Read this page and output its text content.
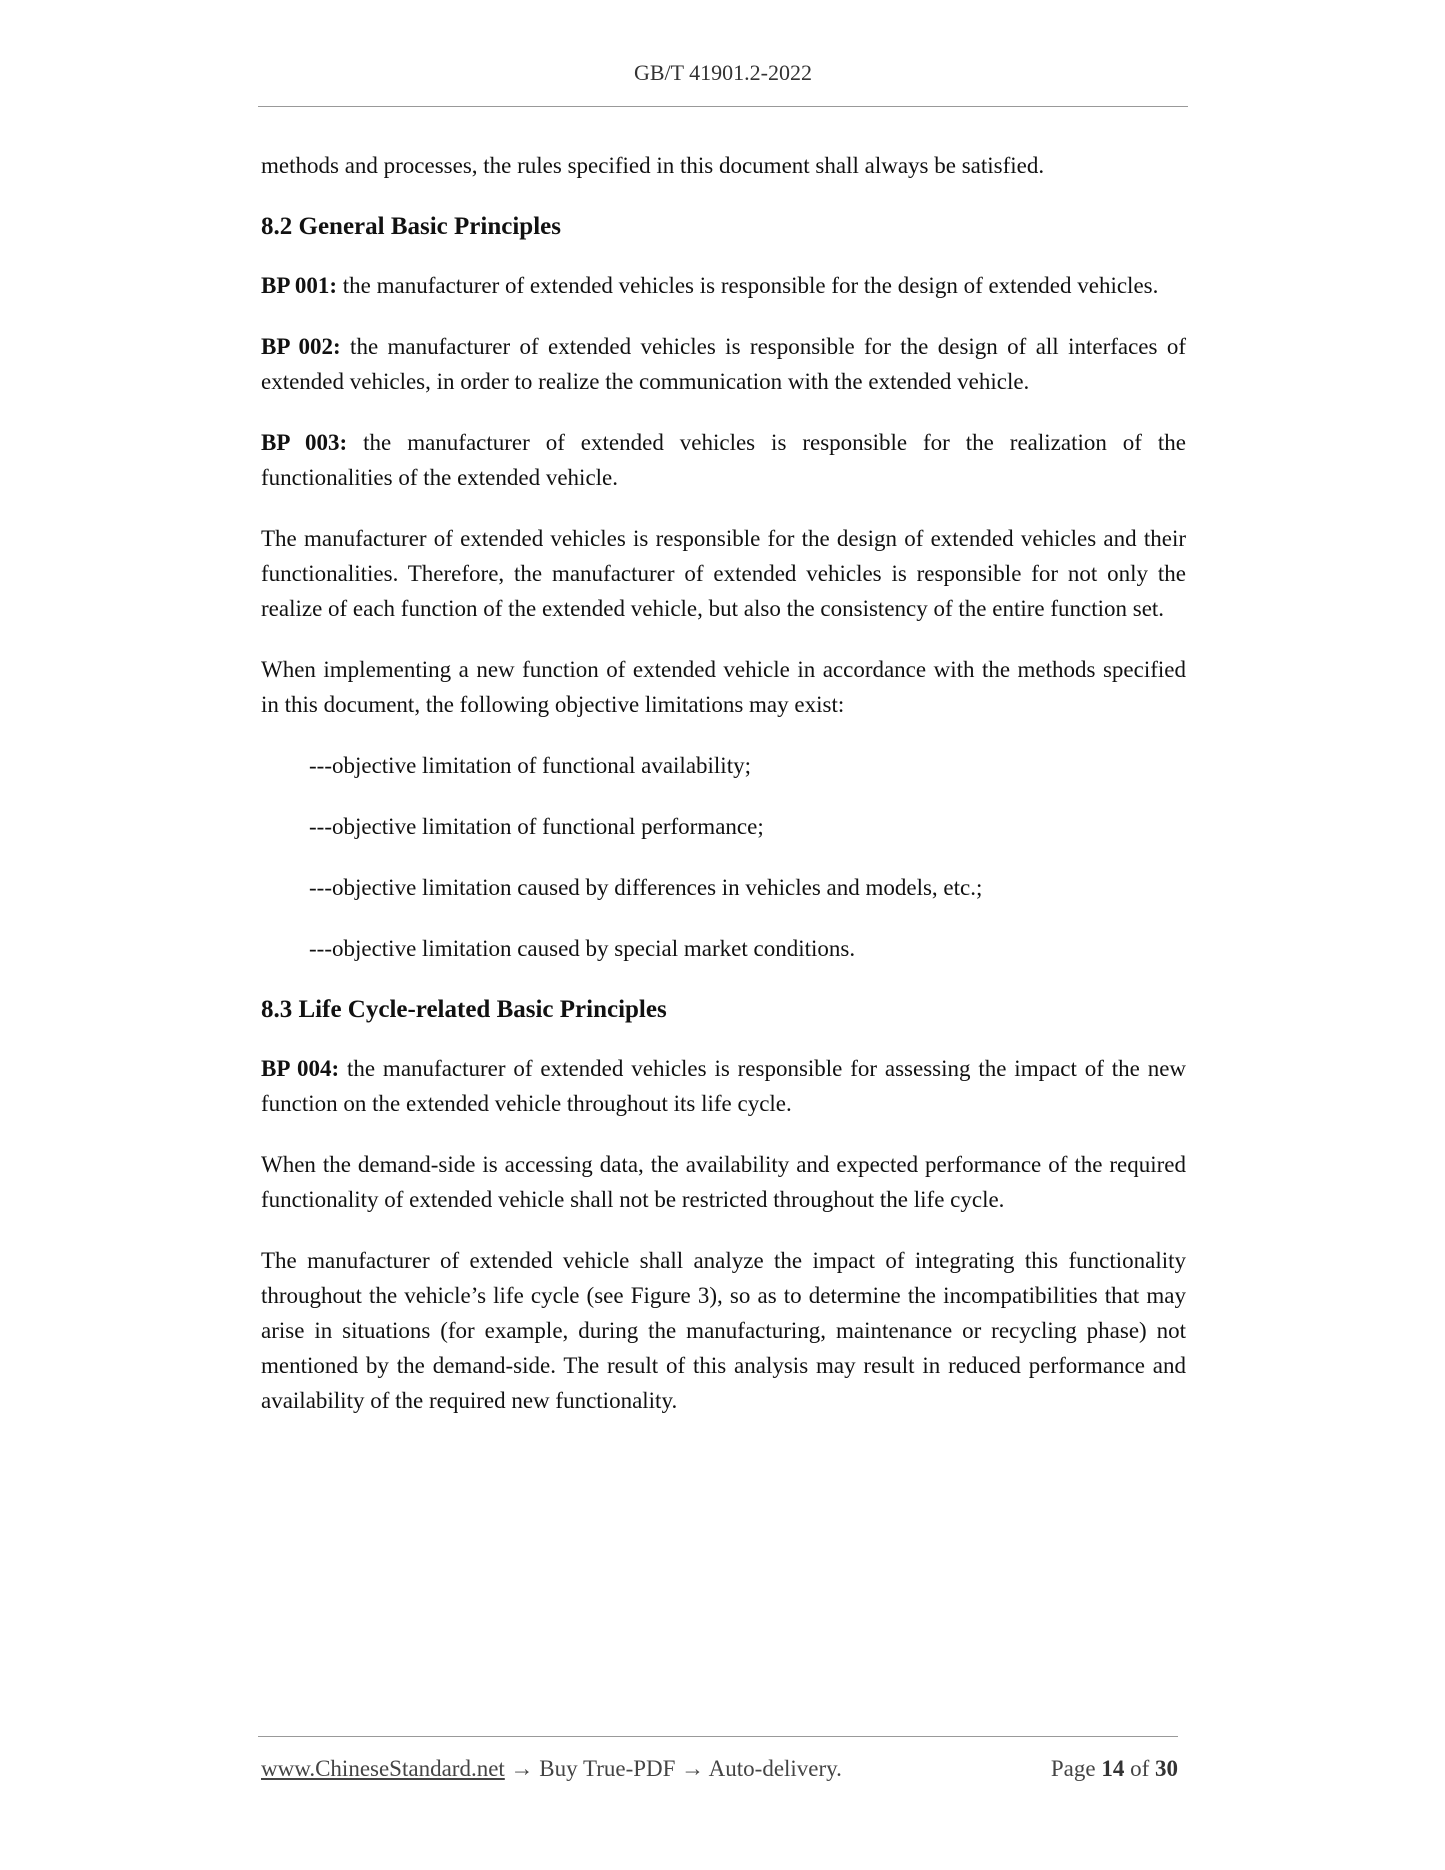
GB/T 41901.2-2022

methods and processes, the rules specified in this document shall always be satisfied.

8.2 General Basic Principles

BP 001: the manufacturer of extended vehicles is responsible for the design of extended vehicles.

BP 002: the manufacturer of extended vehicles is responsible for the design of all interfaces of extended vehicles, in order to realize the communication with the extended vehicle.

BP 003: the manufacturer of extended vehicles is responsible for the realization of the functionalities of the extended vehicle.

The manufacturer of extended vehicles is responsible for the design of extended vehicles and their functionalities. Therefore, the manufacturer of extended vehicles is responsible for not only the realize of each function of the extended vehicle, but also the consistency of the entire function set.

When implementing a new function of extended vehicle in accordance with the methods specified in this document, the following objective limitations may exist:

---objective limitation of functional availability;

---objective limitation of functional performance;

---objective limitation caused by differences in vehicles and models, etc.;

---objective limitation caused by special market conditions.

8.3 Life Cycle-related Basic Principles

BP 004: the manufacturer of extended vehicles is responsible for assessing the impact of the new function on the extended vehicle throughout its life cycle.

When the demand-side is accessing data, the availability and expected performance of the required functionality of extended vehicle shall not be restricted throughout the life cycle.

The manufacturer of extended vehicle shall analyze the impact of integrating this functionality throughout the vehicle’s life cycle (see Figure 3), so as to determine the incompatibilities that may arise in situations (for example, during the manufacturing, maintenance or recycling phase) not mentioned by the demand-side. The result of this analysis may result in reduced performance and availability of the required new functionality.

www.ChineseStandard.net → Buy True-PDF → Auto-delivery.	Page 14 of 30
